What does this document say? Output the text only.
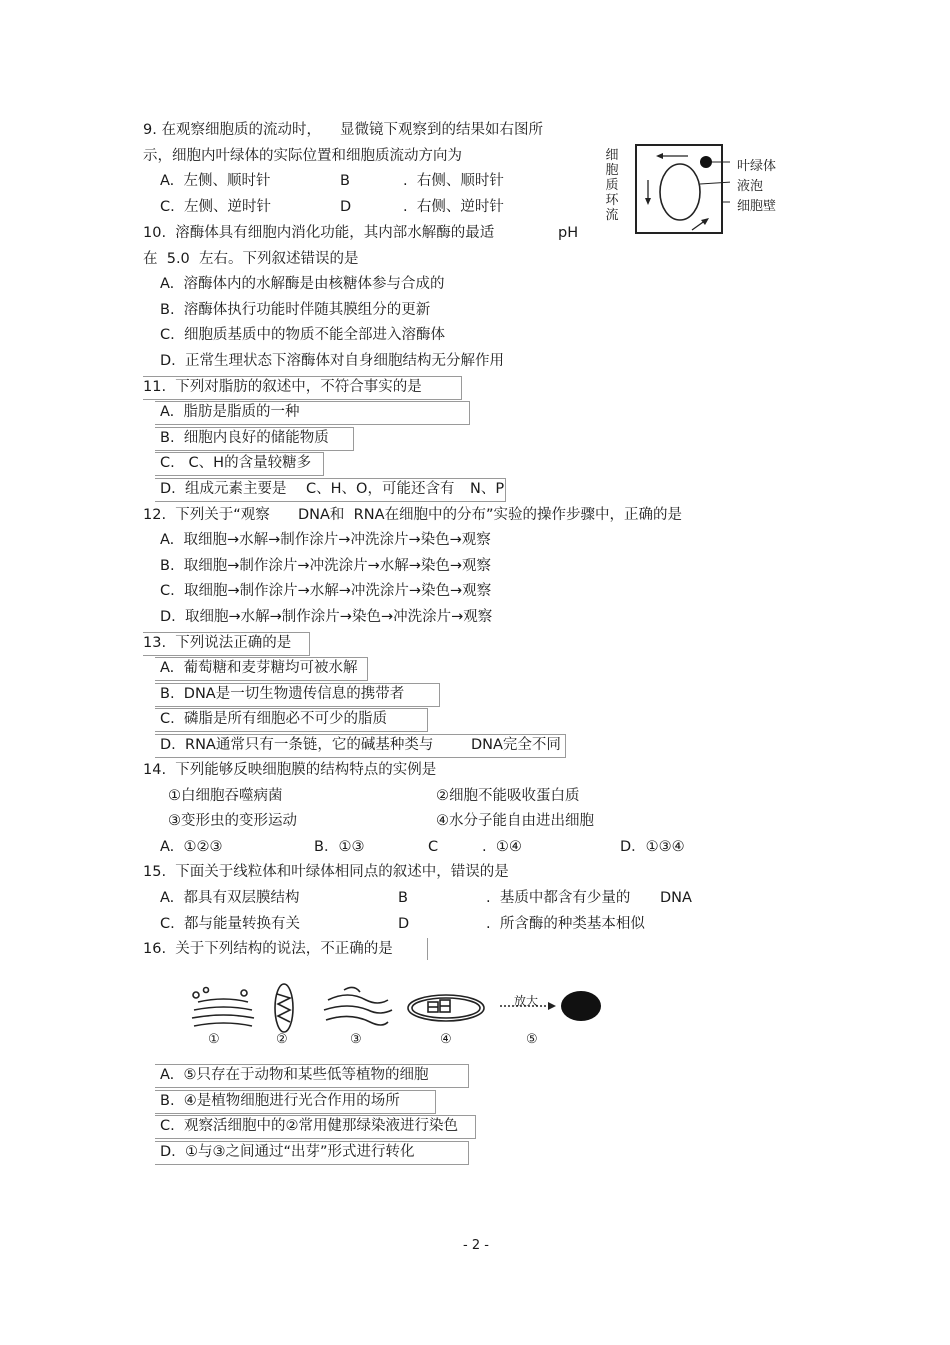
9. 在观察细胞质的流动时， 显微镜下观察到的结果如右图所
示，细胞内叶绿体的实际位置和细胞质流动方向为
A.  左侧、顺时针	B	.  右侧、顺时针
C.  左侧、逆时针	D	.  右侧、逆时针
细胞质环流
叶绿体
液泡
细胞壁
10.  溶酶体具有细胞内消化功能，其内部水解酶的最适	pH
在  5.0  左右。下列叙述错误的是
A.  溶酶体内的水解酶是由核糖体参与合成的
B.  溶酶体执行功能时伴随其膜组分的更新
C.  细胞质基质中的物质不能全部进入溶酶体
D.  正常生理状态下溶酶体对自身细胞结构无分解作用
11.  下列对脂肪的叙述中，不符合事实的是
A.  脂肪是脂质的一种
B.  细胞内良好的储能物质
C.   C、H的含量较糖多
D.  组成元素主要是 C、H、O，可能还含有 N、P
12.  下列关于“观察 DNA和  RNA在细胞中的分布”实验的操作步骤中，正确的是
A.  取细胞→水解→制作涂片→冲洗涂片→染色→观察
B.  取细胞→制作涂片→冲洗涂片→水解→染色→观察
C.  取细胞→制作涂片→水解→冲洗涂片→染色→观察
D.  取细胞→水解→制作涂片→染色→冲洗涂片→观察
13.  下列说法正确的是
A.  葡萄糖和麦芽糖均可被水解
B.  DNA是一切生物遗传信息的携带者
C.  磷脂是所有细胞必不可少的脂质
D.  RNA通常只有一条链，它的碱基种类与	DNA完全不同
14.  下列能够反映细胞膜的结构特点的实例是
①白细胞吞噬病菌	②细胞不能吸收蛋白质
③变形虫的变形运动	④水分子能自由进出细胞
A.  ①②③	B．①③	C	.  ①④	D．①③④
15.  下面关于线粒体和叶绿体相同点的叙述中，错误的是
A.  都具有双层膜结构	B	.  基质中都含有少量的 DNA
C.  都与能量转换有关	D	.  所含酶的种类基本相似
16.  关于下列结构的说法，不正确的是
放大
①	②	③	④	⑤
A.  ⑤只存在于动物和某些低等植物的细胞
B.  ④是植物细胞进行光合作用的场所
C.  观察活细胞中的②常用健那绿染液进行染色
D.  ①与③之间通过“出芽”形式进行转化
- 2 -
